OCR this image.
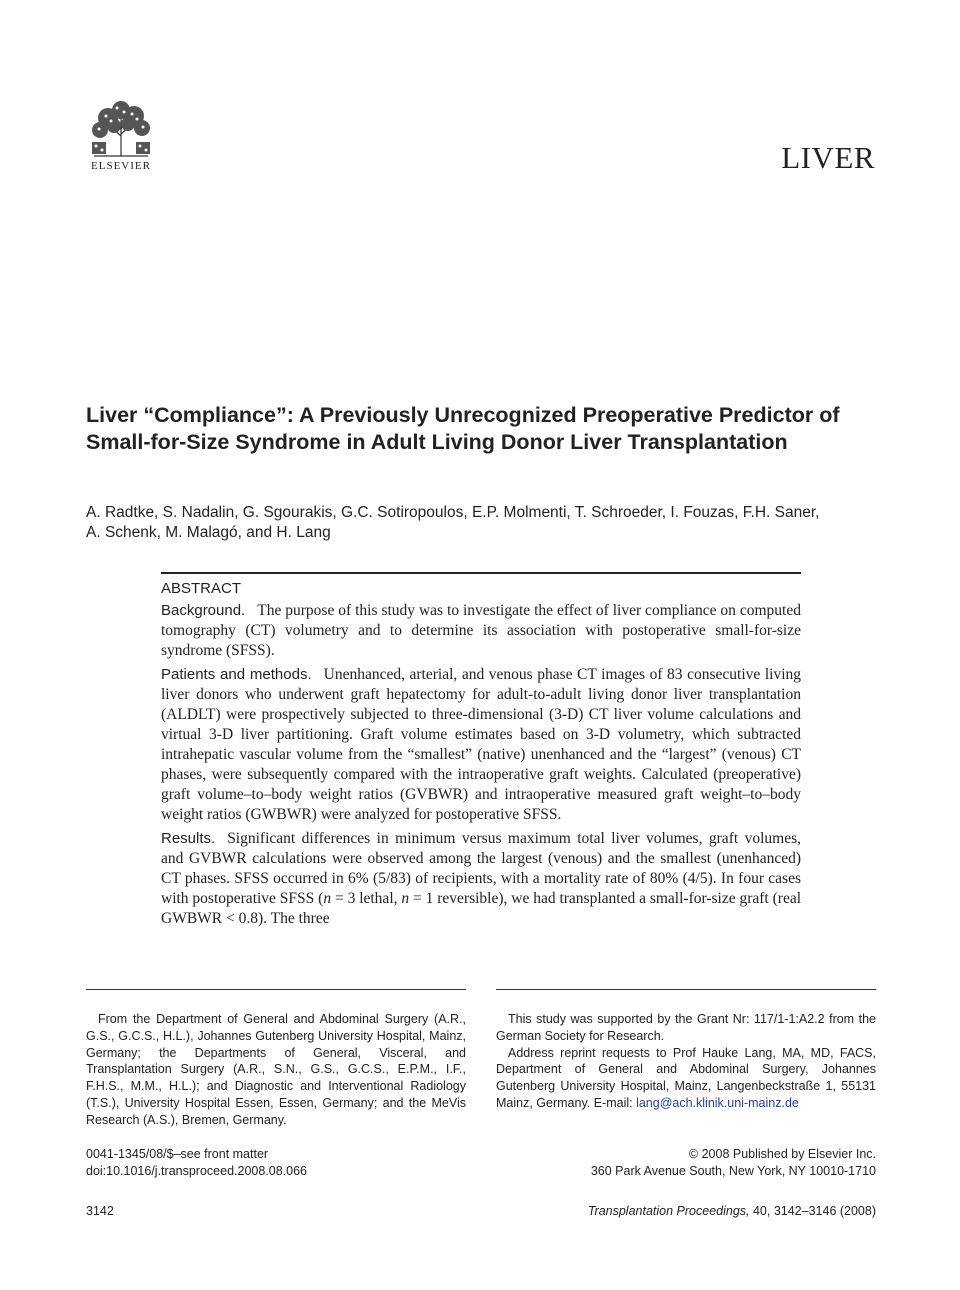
ELSEVIER	LIVER
Liver “Compliance”: A Previously Unrecognized Preoperative Predictor of Small-for-Size Syndrome in Adult Living Donor Liver Transplantation

A. Radtke, S. Nadalin, G. Sgourakis, G.C. Sotiropoulos, E.P. Molmenti, T. Schroeder, I. Fouzas, F.H. Saner, A. Schenk, M. Malagó, and H. Lang

ABSTRACT

Background. The purpose of this study was to investigate the effect of liver compliance on computed tomography (CT) volumetry and to determine its association with postoperative small-for-size syndrome (SFSS).

Patients and methods. Unenhanced, arterial, and venous phase CT images of 83 consecutive living liver donors who underwent graft hepatectomy for adult-to-adult living donor liver transplantation (ALDLT) were prospectively subjected to three-dimensional (3-D) CT liver volume calculations and virtual 3-D liver partitioning. Graft volume estimates based on 3-D volumetry, which subtracted intrahepatic vascular volume from the “smallest” (native) unenhanced and the “largest” (venous) CT phases, were subsequently compared with the intraoperative graft weights. Calculated (preoperative) graft volume–to–body weight ratios (GVBWR) and intraoperative measured graft weight–to–body weight ratios (GWBWR) were analyzed for postoperative SFSS.

Results. Significant differences in minimum versus maximum total liver volumes, graft volumes, and GVBWR calculations were observed among the largest (venous) and the smallest (unenhanced) CT phases. SFSS occurred in 6% (5/83) of recipients, with a mortality rate of 80% (4/5). In four cases with postoperative SFSS (n = 3 lethal, n = 1 reversible), we had transplanted a small-for-size graft (real GWBWR < 0.8). The three

From the Department of General and Abdominal Surgery (A.R., G.S., G.C.S., H.L.), Johannes Gutenberg University Hospital, Mainz, Germany; the Departments of General, Visceral, and Transplantation Surgery (A.R., S.N., G.S., G.C.S., E.P.M., I.F., F.H.S., M.M., H.L.); and Diagnostic and Interventional Radiology (T.S.), University Hospital Essen, Essen, Germany; and the MeVis Research (A.S.), Bremen, Germany.

This study was supported by the Grant Nr: 117/1-1:A2.2 from the German Society for Research.

Address reprint requests to Prof Hauke Lang, MA, MD, FACS, Department of General and Abdominal Surgery, Johannes Gutenberg University Hospital, Mainz, Langenbeckstraße 1, 55131 Mainz, Germany. E-mail: lang@ach.klinik.uni-mainz.de

0041-1345/08/$–see front matter
doi:10.1016/j.transproceed.2008.08.066
© 2008 Published by Elsevier Inc.
360 Park Avenue South, New York, NY 10010-1710
3142	Transplantation Proceedings, 40, 3142–3146 (2008)
